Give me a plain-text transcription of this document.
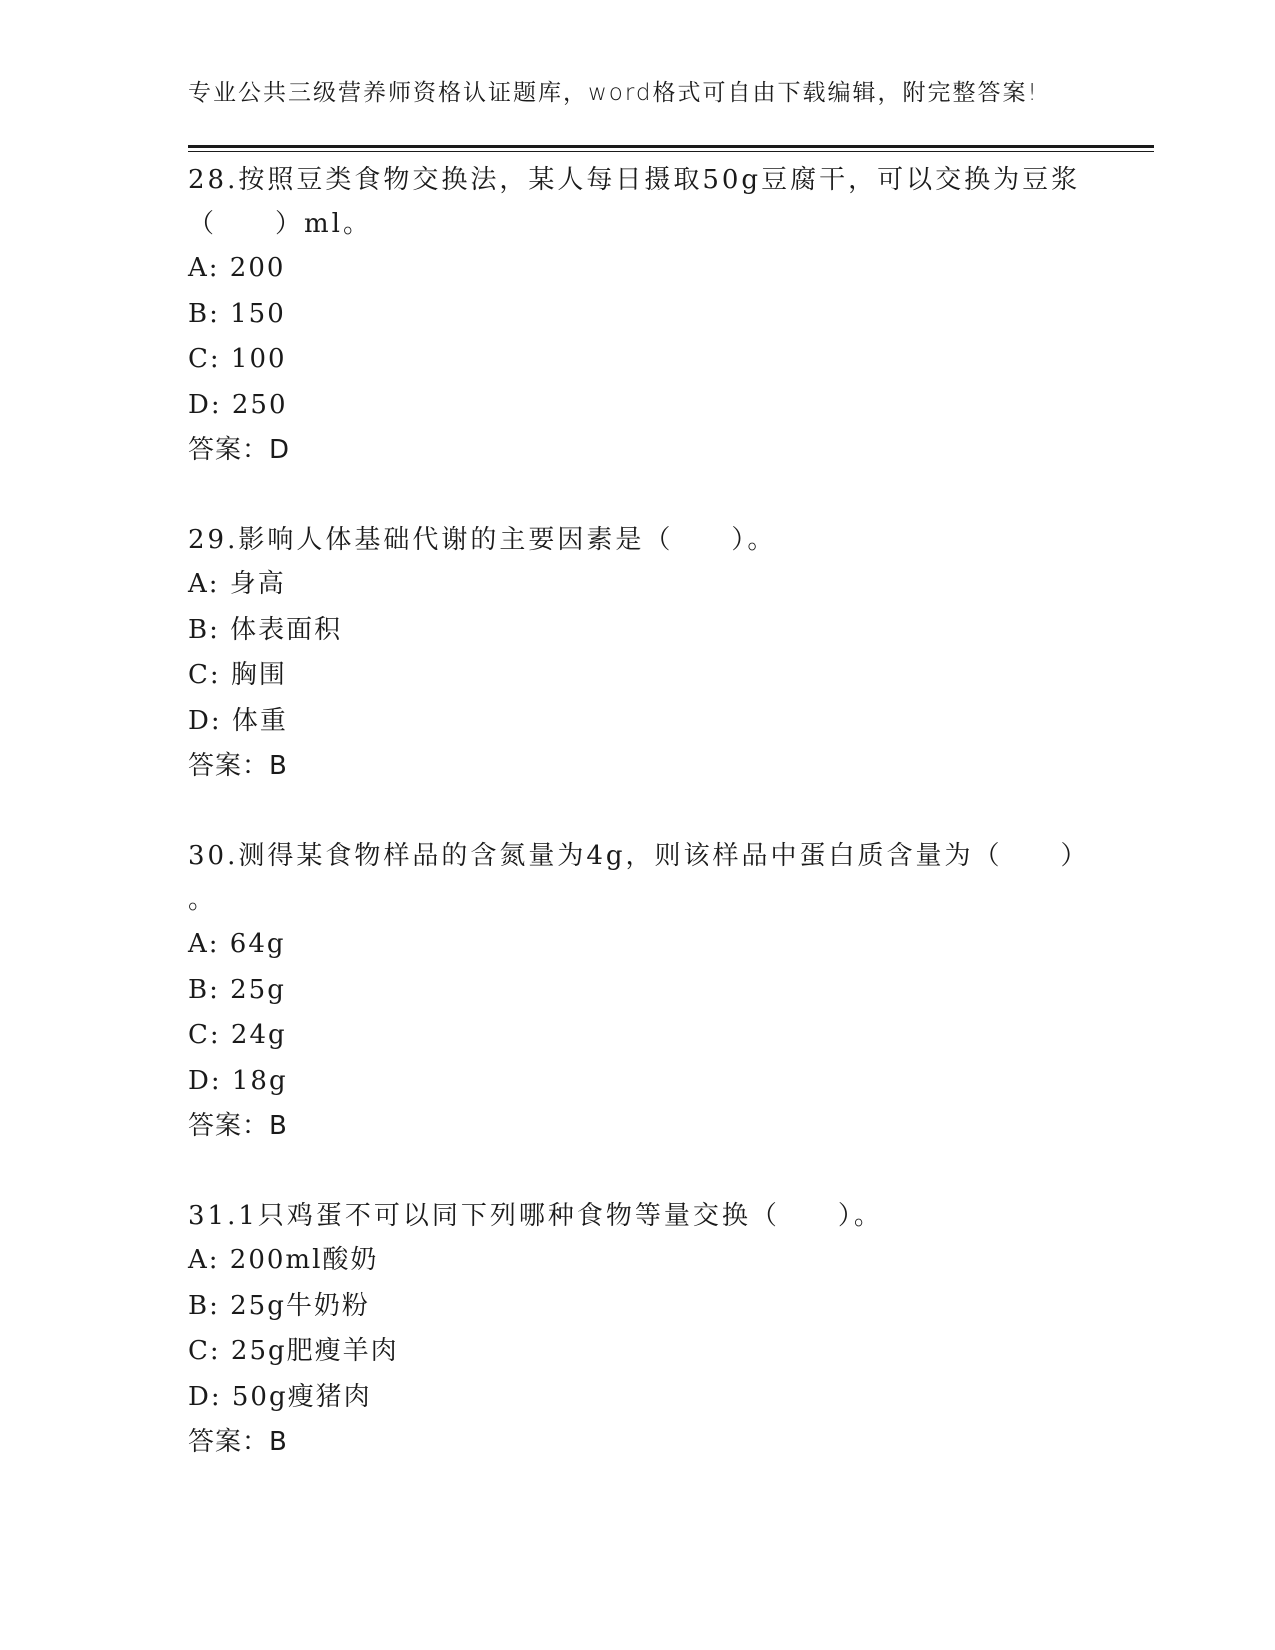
专业公共三级营养师资格认证题库，word格式可自由下载编辑，附完整答案!
28.按照豆类食物交换法，某人每日摄取50g豆腐干，可以交换为豆浆
（　　）ml。
A: 200
B: 150
C: 100
D: 250
答案：D
29.影响人体基础代谢的主要因素是（　　）。
A: 身高
B: 体表面积
C: 胸围
D: 体重
答案：B
30.测得某食物样品的含氮量为4g，则该样品中蛋白质含量为（　　）
。
A: 64g
B: 25g
C: 24g
D: 18g
答案：B
31.1只鸡蛋不可以同下列哪种食物等量交换（　　）。
A: 200ml酸奶
B: 25g牛奶粉
C: 25g肥瘦羊肉
D: 50g瘦猪肉
答案：B
